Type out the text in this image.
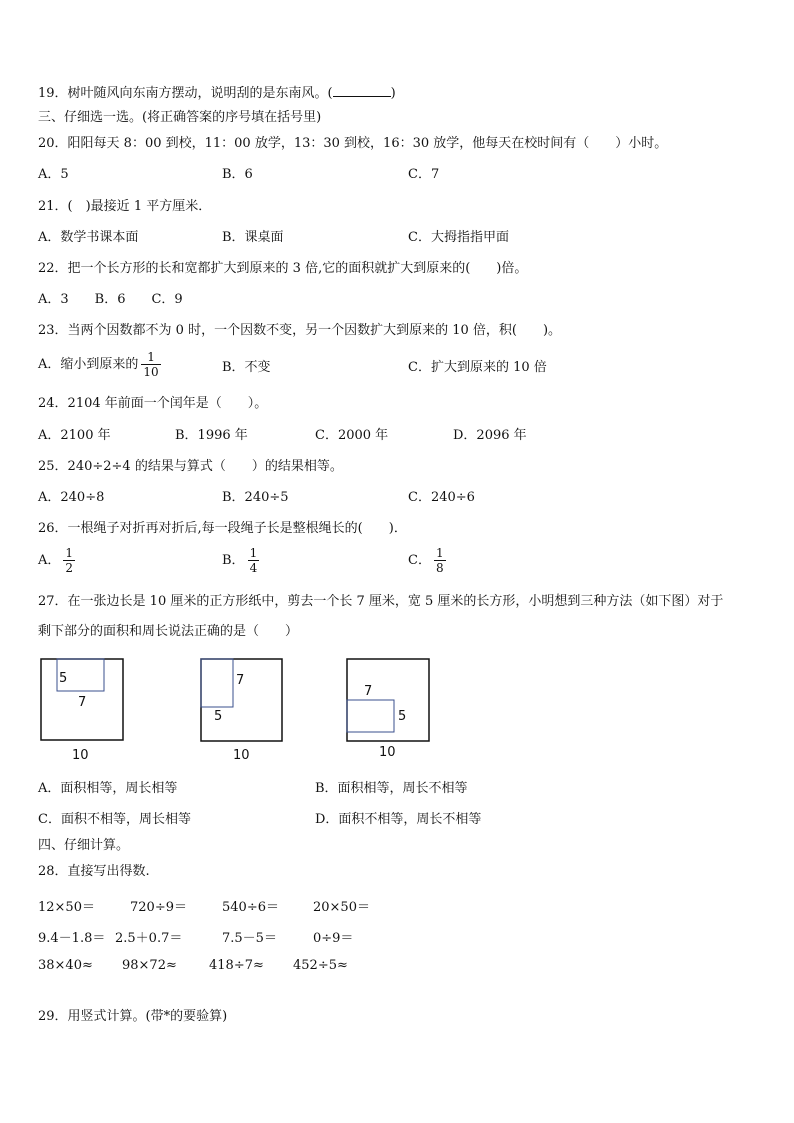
19．树叶随风向东南方摆动，说明刮的是东南风。(	)
三、仔细选一选。(将正确答案的序号填在括号里)
20．阳阳每天 8：00 到校，11：00 放学，13：30 到校，16：30 放学，他每天在校时间有（　　）小时。
A．5	B．6	C．7
21．(　)最接近 1 平方厘米．
A．数学书课本面	B．课桌面	C．大拇指指甲面
22．把一个长方形的长和宽都扩大到原来的 3 倍,它的面积就扩大到原来的(　　)倍。
A．3　　B．6　　C．9
23．当两个因数都不为 0 时，一个因数不变，另一个因数扩大到原来的 10 倍，积(　　)。
A．缩小到原来的 $\frac{1}{10}$	B．不变	C．扩大到原来的 10 倍
24．2104 年前面一个闰年是（　　）。
A．2100 年	B．1996 年	C．2000 年	D．2096 年
25．240÷2÷4 的结果与算式（　　）的结果相等。
A．240÷8	B．240÷5	C．240÷6
26．一根绳子对折再对折后,每一段绳子长是整根绳长的(　　)．
A． $\frac{1}{2}$	B． $\frac{1}{4}$	C． $\frac{1}{8}$
27．在一张边长是 10 厘米的正方形纸中，剪去一个长 7 厘米，宽 5 厘米的长方形，小明想到三种方法（如下图）对于
剩下部分的面积和周长说法正确的是（　　）
5
7
10
7
5
10
7
5
10
A．面积相等，周长相等	B．面积相等，周长不相等
C．面积不相等，周长相等	D．面积不相等，周长不相等
四、仔细计算。
28．直接写出得数.
12×50＝	720÷9＝	540÷6＝	20×50＝
9.4－1.8＝ 2.5＋0.7＝	7.5－5＝	0÷9＝
38×40≈ 98×72≈ 418÷7≈ 452÷5≈
29．用竖式计算。(带*的要验算)
